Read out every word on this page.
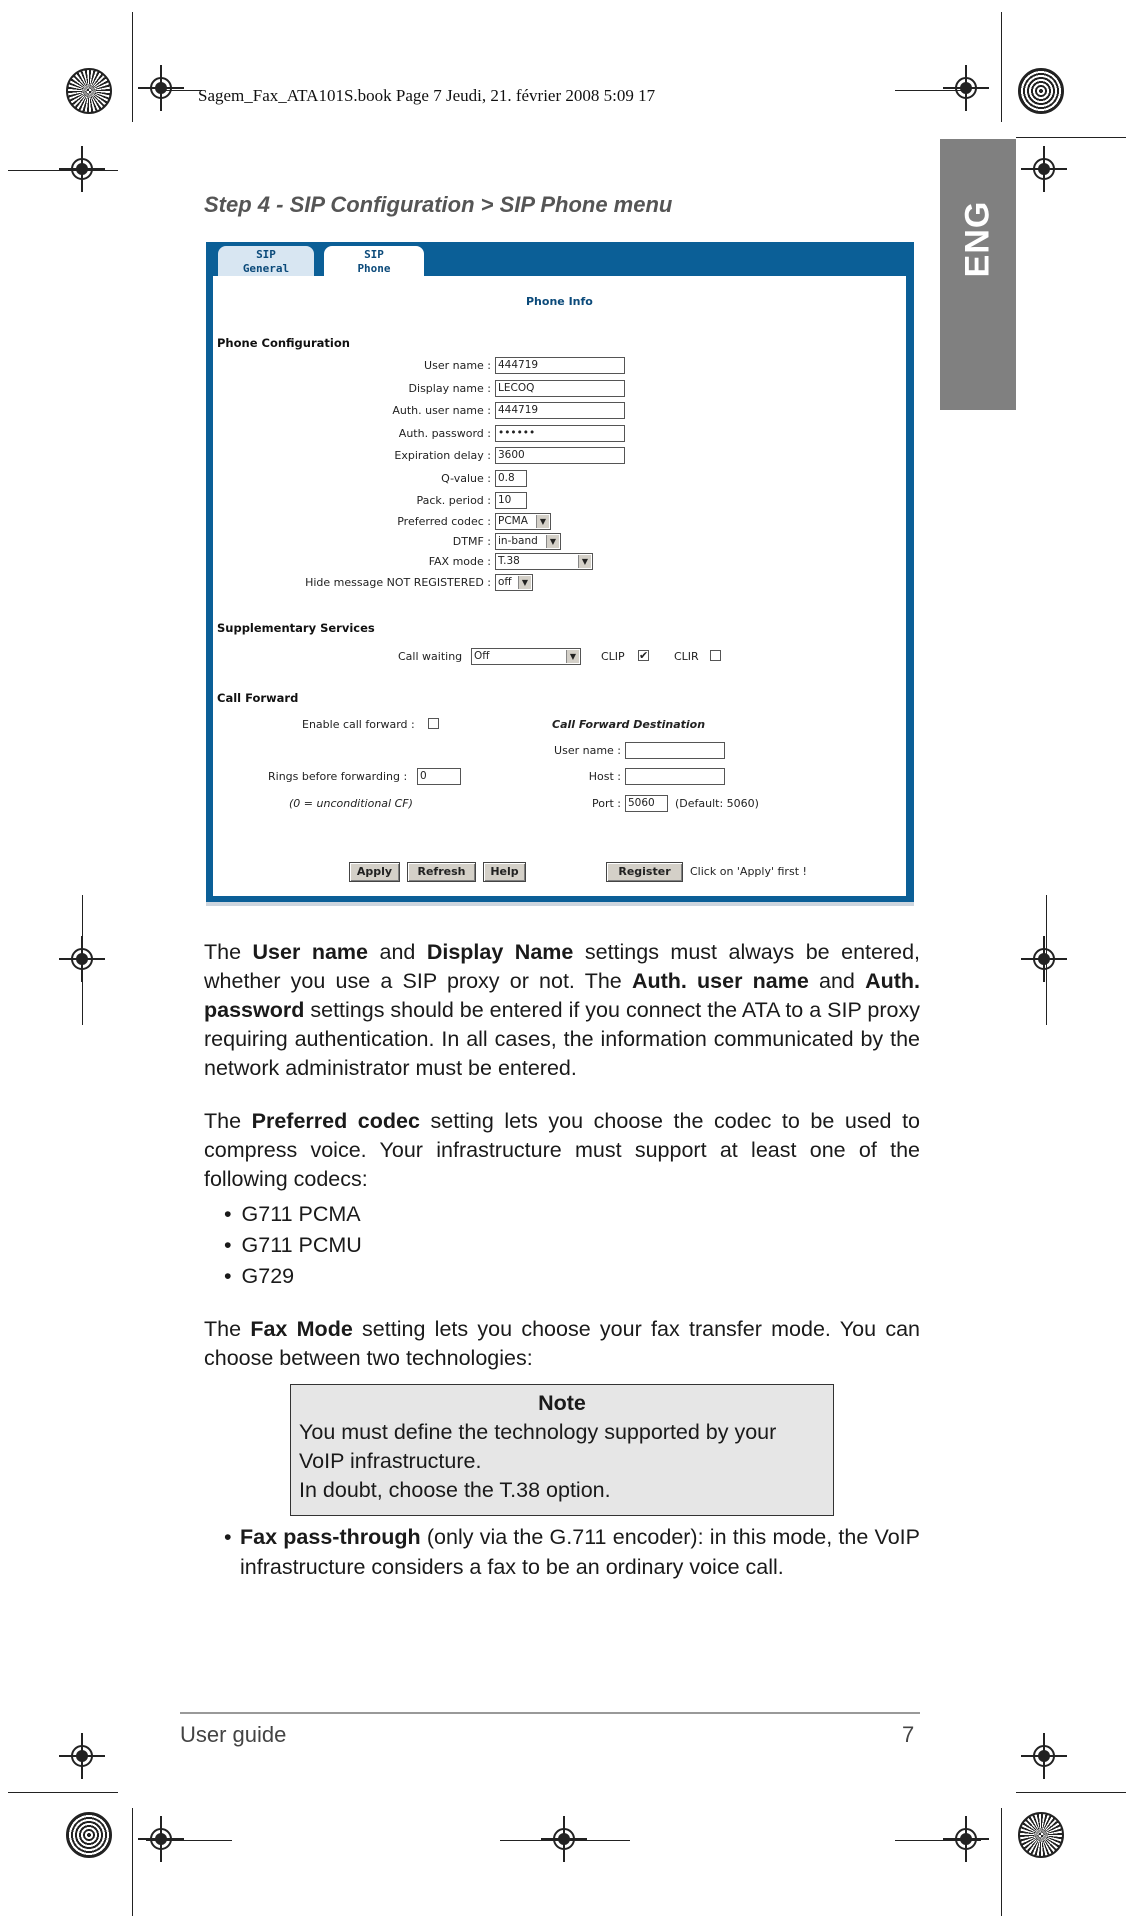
Sagem_Fax_ATA101S.book Page 7 Jeudi, 21. février 2008 5:09 17
ENG
Step 4 - SIP Configuration > SIP Phone menu
SIP
General
SIP
Phone
Phone Info
Phone Configuration
User name : 444719
Display name : LECOQ
Auth. user name : 444719
Auth. password : ••••••
Expiration delay : 3600
Q-value : 0.8
Pack. period : 10
Preferred codec : PCMA	▼
DTMF : in-band	▼
FAX mode : T.38	▼
Hide message NOT REGISTERED : off	▼
Supplementary Services
Call waiting Off	▼ CLIP ✔ CLIR
Call Forward
Enable call forward :	Call Forward Destination
User name :
Rings before forwarding : 0	Host :
(0 = unconditional CF)	Port : 5060	(Default: 5060)
Apply	Refresh	Help	Register	Click on 'Apply' first !
The User name and Display Name settings must always be entered, whether you use a SIP proxy or not. The Auth. user name and Auth. password settings should be entered if you connect the ATA to a SIP proxy requiring authentication. In all cases, the information communicated by the network administrator must be entered.
The Preferred codec setting lets you choose the codec to be used to compress voice. Your infrastructure must support at least one of the following codecs:
• G711 PCMA
• G711 PCMU
• G729
The Fax Mode setting lets you choose your fax transfer mode. You can choose between two technologies:
Note
You must define the technology supported by your VoIP infrastructure.
In doubt, choose the T.38 option.
• Fax pass-through (only via the G.711 encoder): in this mode, the VoIP infrastructure considers a fax to be an ordinary voice call.
User guide	7
